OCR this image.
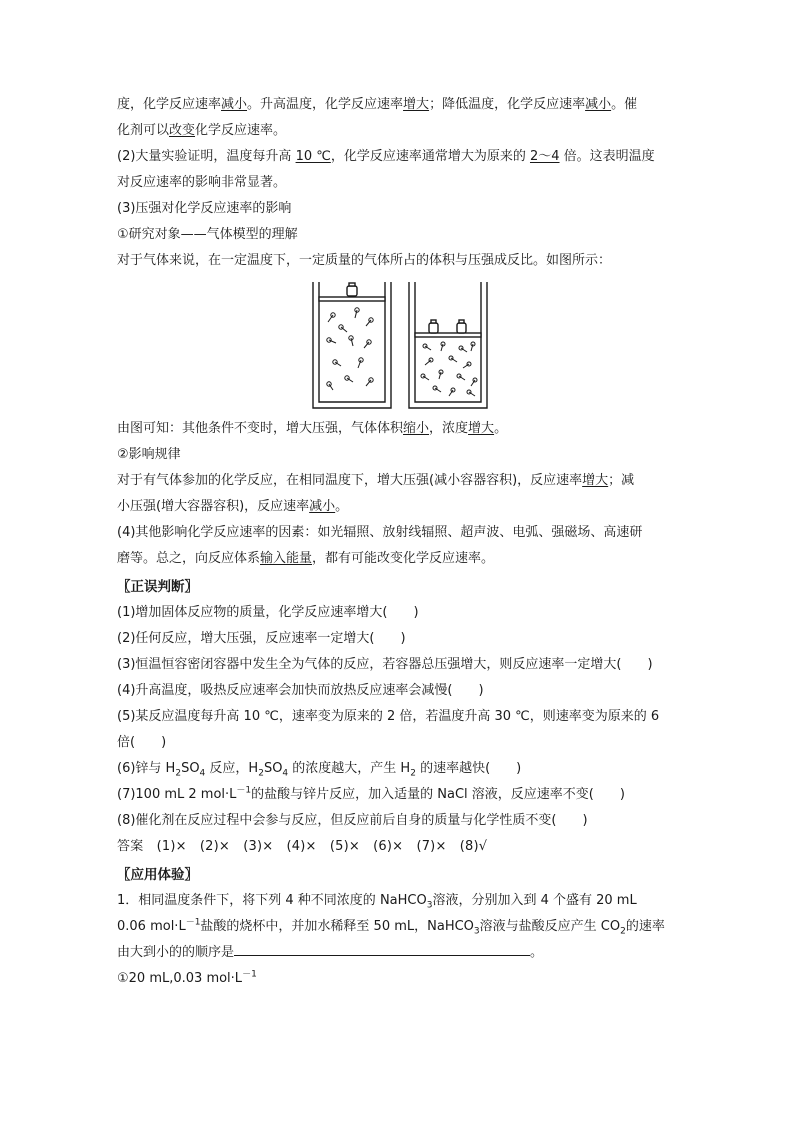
度，化学反应速率减小。升高温度，化学反应速率增大；降低温度，化学反应速率减小。催
化剂可以改变化学反应速率。
(2)大量实验证明，温度每升高 10 ℃，化学反应速率通常增大为原来的 2～4 倍。这表明温度
对反应速率的影响非常显著。
(3)压强对化学反应速率的影响
①研究对象——气体模型的理解
对于气体来说，在一定温度下，一定质量的气体所占的体积与压强成反比。如图所示：
由图可知：其他条件不变时，增大压强，气体体积缩小，浓度增大。
②影响规律
对于有气体参加的化学反应，在相同温度下，增大压强(减小容器容积)，反应速率增大；减
小压强(增大容器容积)，反应速率减小。
(4)其他影响化学反应速率的因素：如光辐照、放射线辐照、超声波、电弧、强磁场、高速研
磨等。总之，向反应体系输入能量，都有可能改变化学反应速率。
〖正误判断〗
(1)增加固体反应物的质量，化学反应速率增大(　　)
(2)任何反应，增大压强，反应速率一定增大(　　)
(3)恒温恒容密闭容器中发生全为气体的反应，若容器总压强增大，则反应速率一定增大(　　)
(4)升高温度，吸热反应速率会加快而放热反应速率会减慢(　　)
(5)某反应温度每升高 10 ℃，速率变为原来的 2 倍，若温度升高 30 ℃，则速率变为原来的 6
倍(　　)
(6)锌与 $H_2SO_4$ 反应，$H_2SO_4$ 的浓度越大，产生 $H_2$ 的速率越快(　　)
(7)100 mL 2 $mol\cdot L^{-1}$的盐酸与锌片反应，加入适量的 NaCl 溶液，反应速率不变(　　)
(8)催化剂在反应过程中会参与反应，但反应前后自身的质量与化学性质不变(　　)
答案　(1)×　(2)×　(3)×　(4)×　(5)×　(6)×　(7)×　(8)√
〖应用体验〗
1．相同温度条件下，将下列 4 种不同浓度的 NaHCO$_3$溶液，分别加入到 4 个盛有 20 mL
0.06 $mol\cdot L^{-1}$盐酸的烧杯中，并加水稀释至 50 mL，NaHCO$_3$溶液与盐酸反应产生 $CO_2$的速率
由大到小的的顺序是	。
①20 mL,0.03 $mol\cdot L^{-1}$
